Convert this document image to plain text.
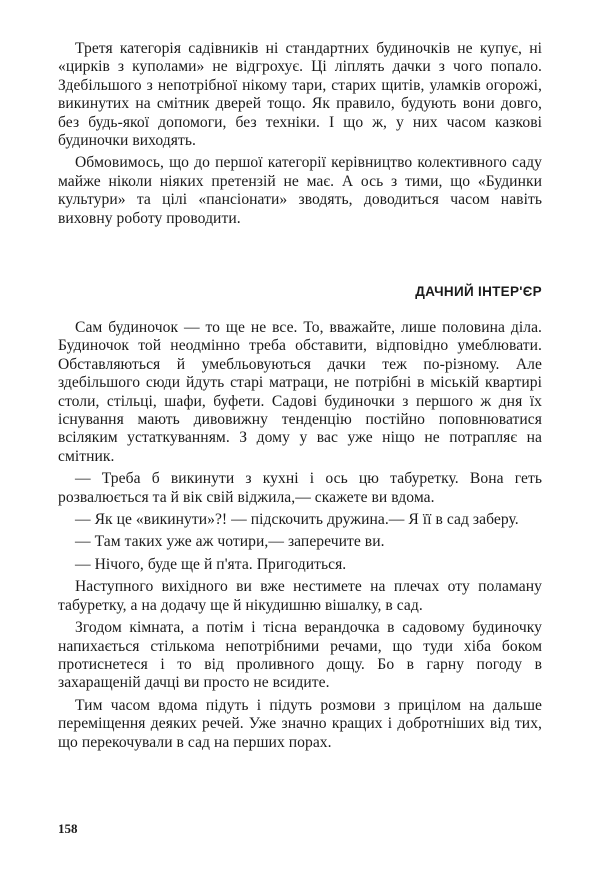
Третя категорія садівників ні стандартних будиночків не купує, ні «цирків з куполами» не відгрохує. Ці ліплять дачки з чого попало. Здебільшого з непотрібної нікому тари, старих щитів, уламків огорожі, викинутих на смітник дверей тощо. Як правило, будують вони довго, без будь-якої допомоги, без техніки. І що ж, у них часом казкові будиночки виходять.

Обмовимось, що до першої категорії керівництво колективного саду майже ніколи ніяких претензій не має. А ось з тими, що «Будинки культури» та цілі «пансіонати» зводять, доводиться часом навіть виховну роботу проводити.

ДАЧНИЙ ІНТЕР'ЄР

Сам будиночок — то ще не все. То, вважайте, лише половина діла. Будиночок той неодмінно треба обставити, відповідно умеблювати. Обставляються й умебльовуються дачки теж по-різному. Але здебільшого сюди йдуть старі матраци, не потрібні в міській квартирі столи, стільці, шафи, буфети. Садові будиночки з першого ж дня їх існування мають дивовижну тенденцію постійно поповнюватися всіляким устаткуванням. З дому у вас уже ніщо не потрапляє на смітник.

— Треба б викинути з кухні і ось цю табуретку. Вона геть розвалюється та й вік свій віджила,— скажете ви вдома.

— Як це «викинути»?! — підскочить дружина.— Я її в сад заберу.

— Там таких уже аж чотири,— заперечите ви.

— Нічого, буде ще й п'ята. Пригодиться.

Наступного вихідного ви вже нестимете на плечах оту поламану табуретку, а на додачу ще й нікудишню вішалку, в сад.

Згодом кімната, а потім і тісна верандочка в садовому будиночку напихається стількома непотрібними речами, що туди хіба боком протиснетеся і то від проливного дощу. Бо в гарну погоду в захаращеній дачці ви просто не всидите.

Тим часом вдома підуть і підуть розмови з прицілом на дальше переміщення деяких речей. Уже значно кращих і добротніших від тих, що перекочували в сад на перших порах.

158
